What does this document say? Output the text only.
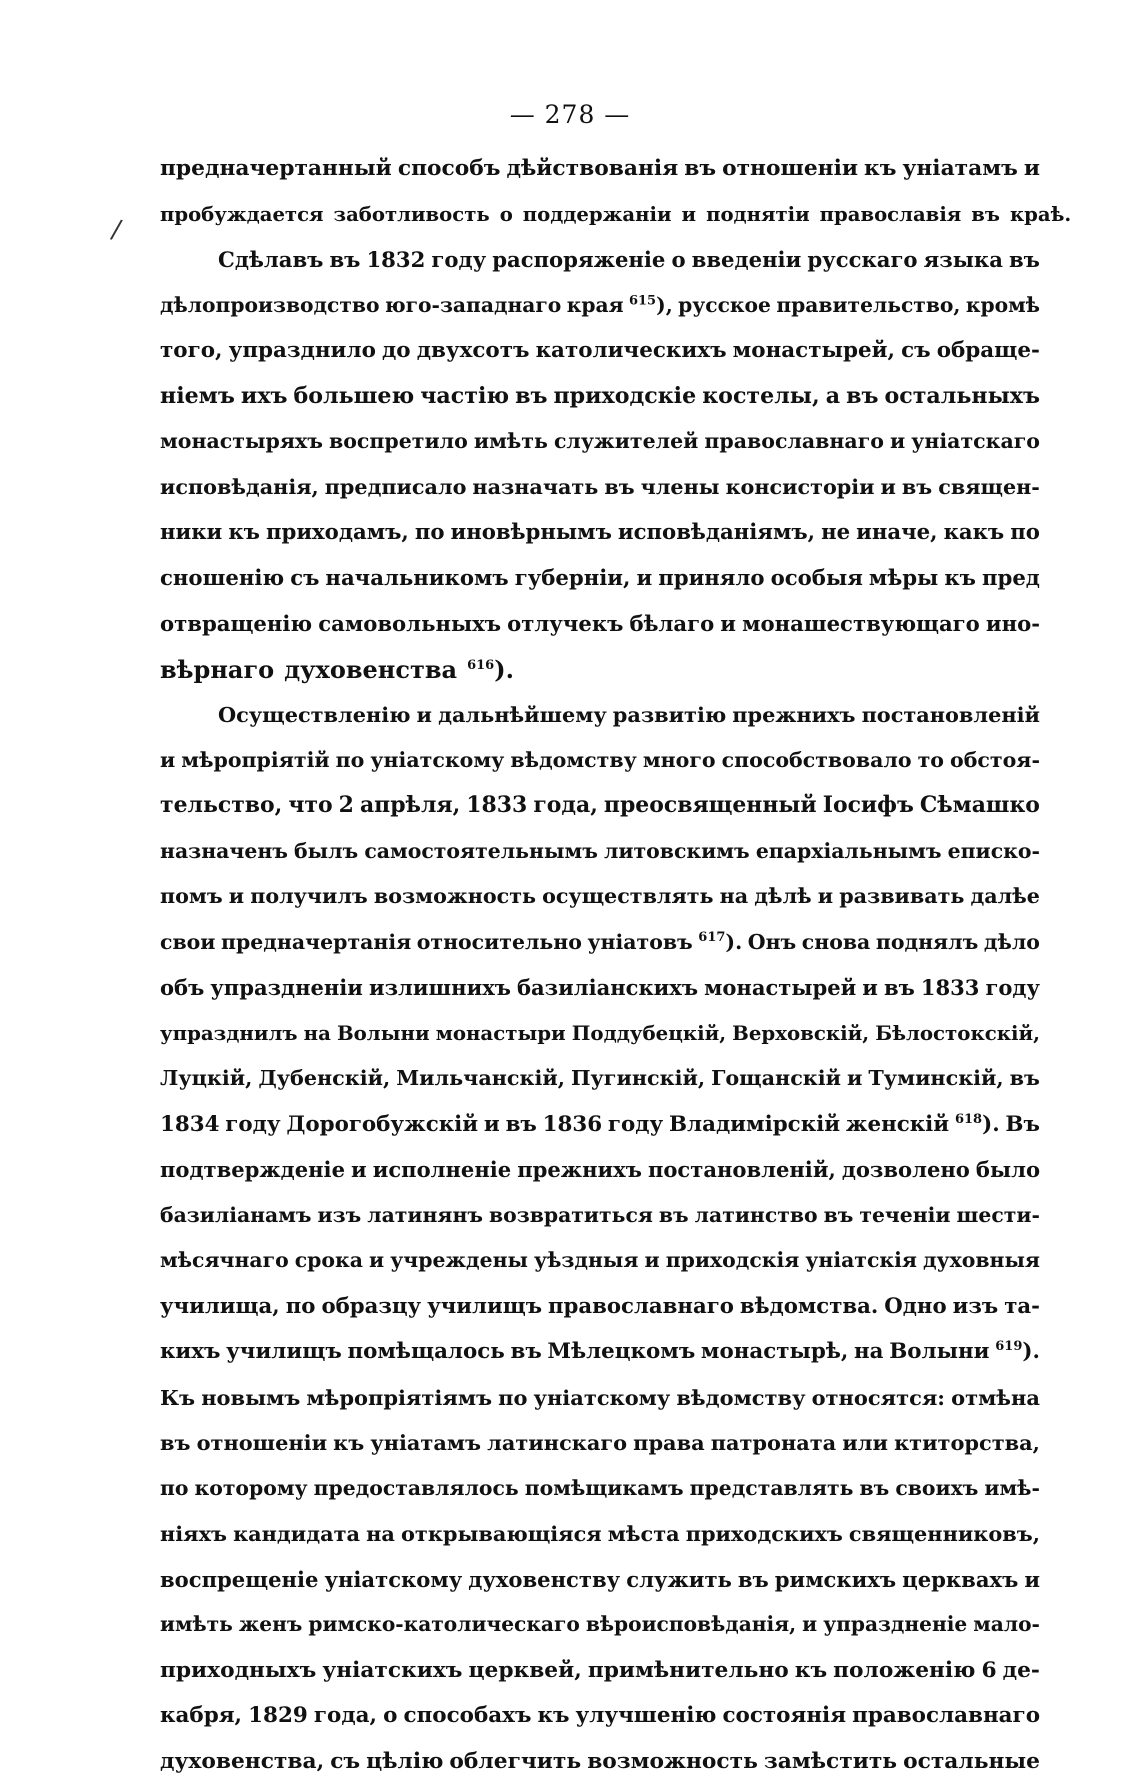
— 278 —
/
предначертанный способъ дѣйствованія въ отношеніи къ уніатамъ и
пробуждается заботливость о поддержаніи и поднятіи православія въ краѣ.
Сдѣлавъ въ 1832 году распоряженіе о введеніи русскаго языка въ
дѣлопроизводство юго-западнаго края $^{615}$), русское правительство, кромѣ
того, упразднило до двухсотъ католическихъ монастырей, съ обраще-
ніемъ ихъ большею частію въ приходскіе костелы, а въ остальныхъ
монастыряхъ воспретило имѣть служителей православнаго и уніатскаго
исповѣданія, предписало назначать въ члены консисторіи и въ священ-
ники къ приходамъ, по иновѣрнымъ исповѣданіямъ, не иначе, какъ по
сношенію съ начальникомъ губерніи, и приняло особыя мѣры къ пред
отвращенію самовольныхъ отлучекъ бѣлаго и монашествующаго ино-
вѣрнаго духовенства $^{616}$).
Осуществленію и дальнѣйшему развитію прежнихъ постановленій
и мѣропріятій по уніатскому вѣдомству много способствовало то обстоя-
тельство, что 2 апрѣля, 1833 года, преосвященный Іосифъ Сѣмашко
назначенъ былъ самостоятельнымъ литовскимъ епархіальнымъ еписко-
помъ и получилъ возможность осуществлять на дѣлѣ и развивать далѣе
свои предначертанія относительно уніатовъ $^{617}$). Онъ снова поднялъ дѣло
объ упраздненіи излишнихъ базиліанскихъ монастырей и въ 1833 году
упразднилъ на Волыни монастыри Поддубецкій, Верховскій, Бѣлостокскій,
Луцкій, Дубенскій, Мильчанскій, Пугинскій, Гощанскій и Туминскій, въ
1834 году Дорогобужскій и въ 1836 году Владимірскій женскій $^{618}$). Въ
подтвержденіе и исполненіе прежнихъ постановленій, дозволено было
базиліанамъ изъ латинянъ возвратиться въ латинство въ теченіи шести-
мѣсячнаго срока и учреждены уѣздныя и приходскія уніатскія духовныя
училища, по образцу училищъ православнаго вѣдомства. Одно изъ та-
кихъ училищъ помѣщалось въ Мѣлецкомъ монастырѣ, на Волыни $^{619}$).
Къ новымъ мѣропріятіямъ по уніатскому вѣдомству относятся: отмѣна
въ отношеніи къ уніатамъ латинскаго права патроната или ктиторства,
по которому предоставлялось помѣщикамъ представлять въ своихъ имѣ-
ніяхъ кандидата на открывающіяся мѣста приходскихъ священниковъ,
воспрещеніе уніатскому духовенству служить въ римскихъ церквахъ и
имѣть женъ римско-католическаго вѣроисповѣданія, и упраздненіе мало-
приходныхъ уніатскихъ церквей, примѣнительно къ положенію 6 де-
кабря, 1829 года, о способахъ къ улучшенію состоянія православнаго
духовенства, съ цѣлію облегчить возможность замѣстить остальные
